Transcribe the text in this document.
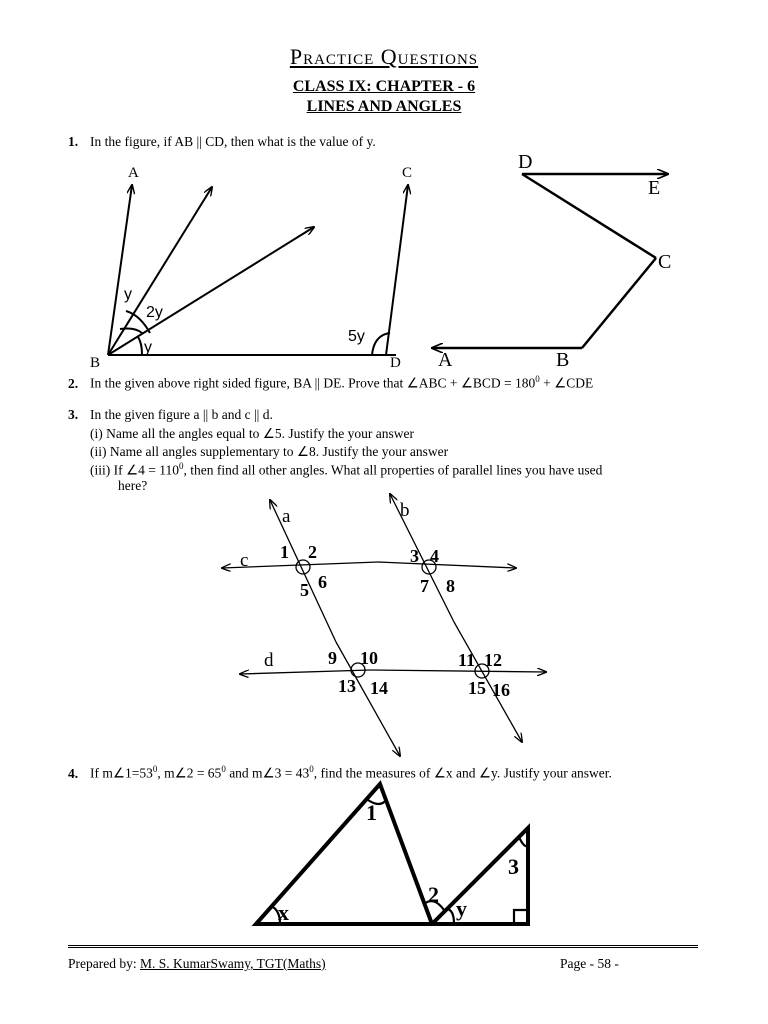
Practice Questions
CLASS IX: CHAPTER - 6
LINES AND ANGLES
1. In the figure, if AB || CD, then what is the value of y.
A
B
C
D
y
2y
y
5y
D
E
C
A	B
2. In the given above right sided figure, BA || DE. Prove that ∠ABC + ∠BCD = $180^0$ + ∠CDE
3. In the given figure a || b and c || d.
(i) Name all the angles equal to ∠5. Justify the your answer
(ii) Name all angles supplementary to ∠8. Justify the your answer
(iii) If ∠4 = $110^0$, then find all other angles. What all properties of parallel lines you have used
here?
a	b
c
d
1 2
5 6
3 4
7 8
9 10
13 14
11 12
15 16
4. If $m\angle 1=53^0$, m∠2 = $65^0$ and m∠3 = $43^0$, find the measures of ∠x and ∠y. Justify your answer.
1
2
3
x	y
Prepared by: M. S. KumarSwamy, TGT(Maths)	Page - 58 -
